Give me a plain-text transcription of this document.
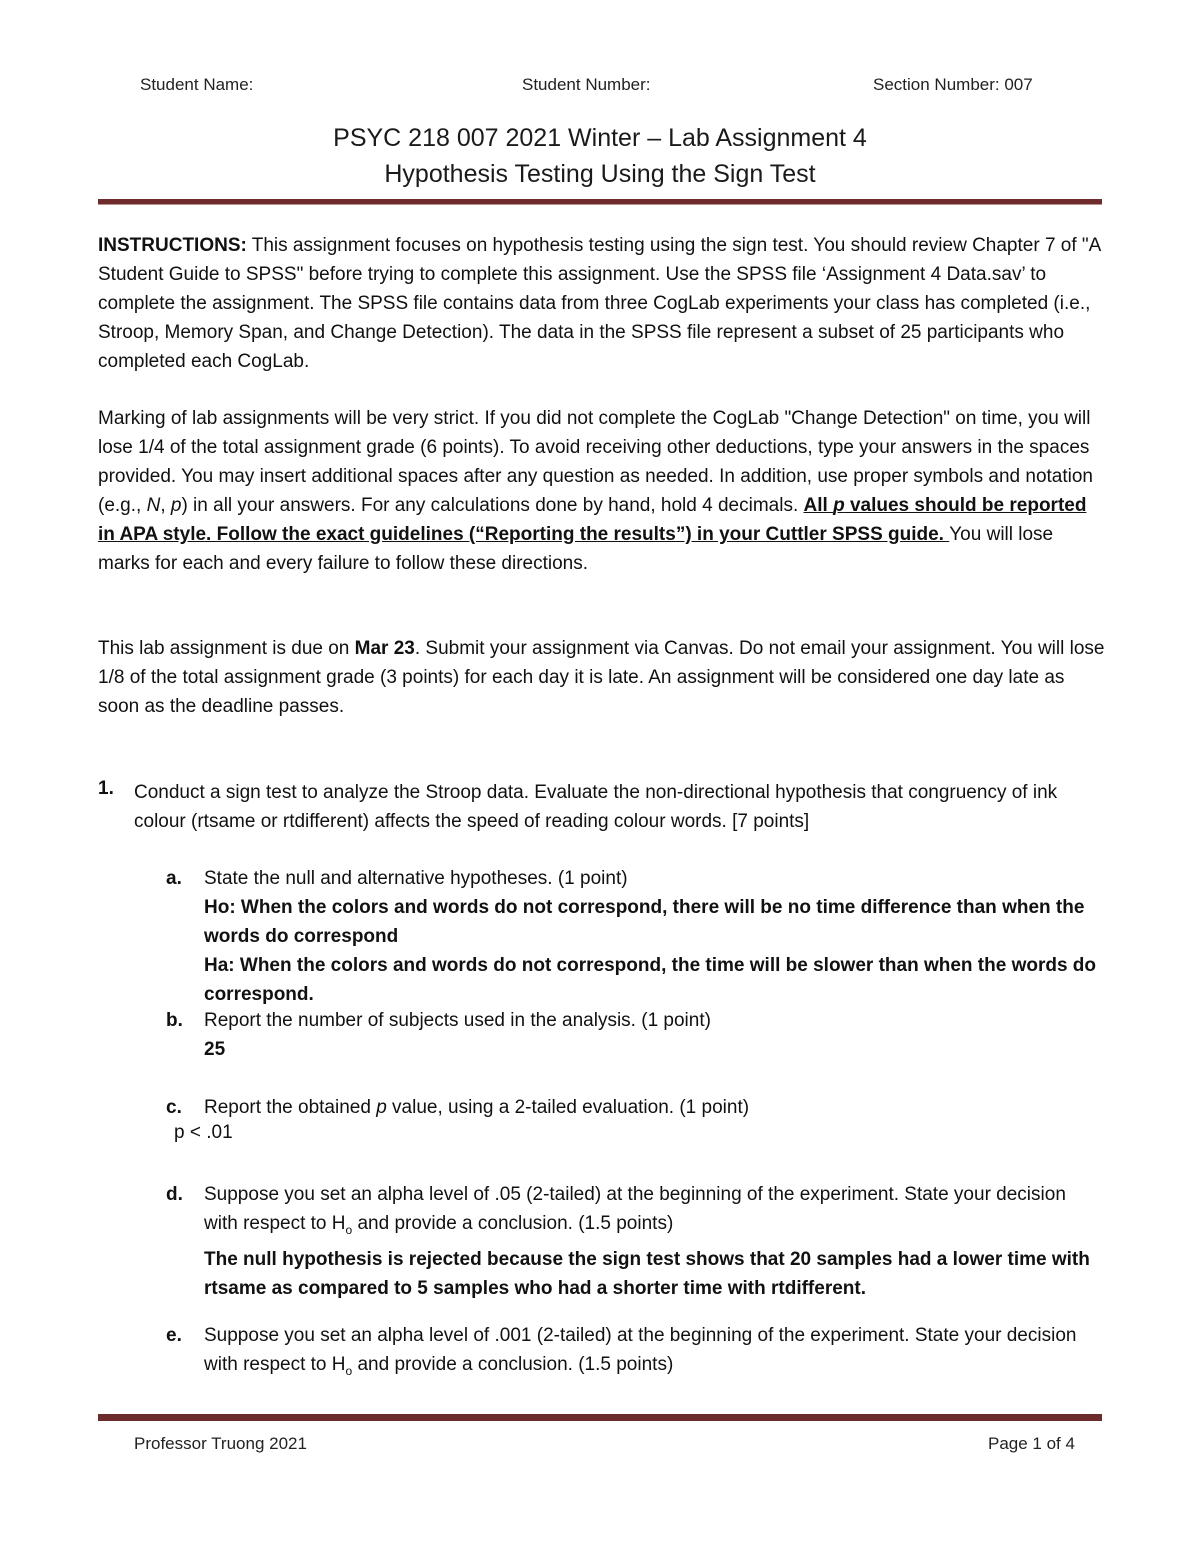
Student Name:	Student Number:	Section Number: 007
PSYC 218 007 2021 Winter – Lab Assignment 4
Hypothesis Testing Using the Sign Test
INSTRUCTIONS: This assignment focuses on hypothesis testing using the sign test. You should review Chapter 7 of "A Student Guide to SPSS" before trying to complete this assignment. Use the SPSS file ‘Assignment 4 Data.sav’ to complete the assignment. The SPSS file contains data from three CogLab experiments your class has completed (i.e., Stroop, Memory Span, and Change Detection). The data in the SPSS file represent a subset of 25 participants who completed each CogLab.
Marking of lab assignments will be very strict. If you did not complete the CogLab "Change Detection" on time, you will lose 1/4 of the total assignment grade (6 points). To avoid receiving other deductions, type your answers in the spaces provided. You may insert additional spaces after any question as needed. In addition, use proper symbols and notation (e.g., N, p) in all your answers. For any calculations done by hand, hold 4 decimals. All p values should be reported in APA style. Follow the exact guidelines (“Reporting the results”) in your Cuttler SPSS guide. You will lose marks for each and every failure to follow these directions.
This lab assignment is due on Mar 23. Submit your assignment via Canvas. Do not email your assignment. You will lose 1/8 of the total assignment grade (3 points) for each day it is late. An assignment will be considered one day late as soon as the deadline passes.
1. Conduct a sign test to analyze the Stroop data. Evaluate the non-directional hypothesis that congruency of ink colour (rtsame or rtdifferent) affects the speed of reading colour words. [7 points]
a. State the null and alternative hypotheses. (1 point)
Ho: When the colors and words do not correspond, there will be no time difference than when the words do correspond
Ha: When the colors and words do not correspond, the time will be slower than when the words do correspond.
b. Report the number of subjects used in the analysis. (1 point)
25
c. Report the obtained p value, using a 2-tailed evaluation. (1 point)
p < .01
d. Suppose you set an alpha level of .05 (2-tailed) at the beginning of the experiment. State your decision with respect to $H_o$ and provide a conclusion. (1.5 points)
The null hypothesis is rejected because the sign test shows that 20 samples had a lower time with rtsame as compared to 5 samples who had a shorter time with rtdifferent.
e. Suppose you set an alpha level of .001 (2-tailed) at the beginning of the experiment. State your decision with respect to $H_o$ and provide a conclusion. (1.5 points)
Professor Truong 2021	Page 1 of 4
